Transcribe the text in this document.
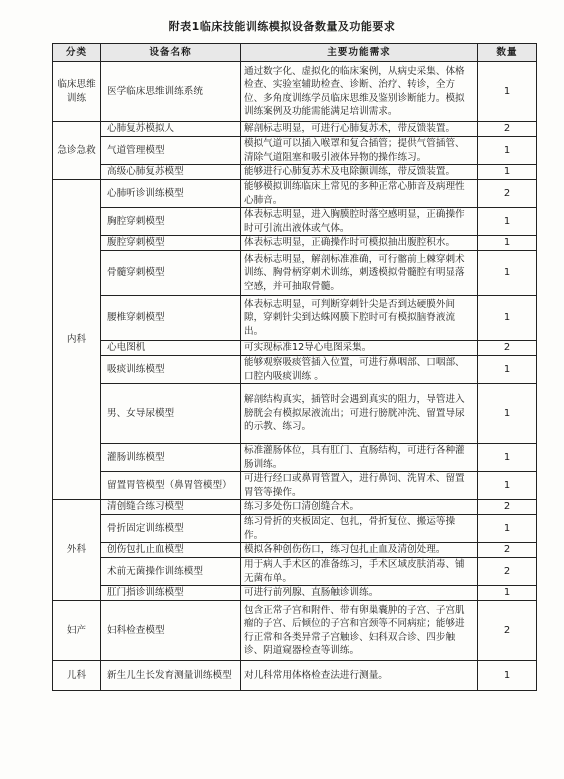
附表1临床技能训练模拟设备数量及功能要求
分类	设备名称	主要功能需求	数量
临床思维训练	医学临床思维训练系统	通过数字化、虚拟化的临床案例，从病史采集、体格检查、实验室辅助检查、诊断、治疗、转诊，全方位、多角度训练学员临床思维及鉴别诊断能力。模拟训练案例及功能需能满足培训需求。	1
急诊急救	心肺复苏模拟人	解剖标志明显，可进行心肺复苏术，带反馈装置。	2
	气道管理模型	模拟气道可以插入喉罩和复合插管；提供气管插管、清除气道阻塞和吸引液体异物的操作练习。	1
	高级心肺复苏模型	能够进行心肺复苏术及电除颤训练，带反馈装置。	1
内科	心肺听诊训练模型	能够模拟训练临床上常见的多种正常心肺音及病理性心肺音。	2
	胸腔穿刺模型	体表标志明显，进入胸膜腔时落空感明显，正确操作时可引流出液体或气体。	1
	腹腔穿刺模型	体表标志明显，正确操作时可模拟抽出腹腔积水。	1
	骨髓穿刺模型	体表标志明显，解剖标准准确，可行髂前上棘穿刺术训练、胸骨柄穿刺术训练，刺透模拟骨髓腔有明显落空感，并可抽取骨髓。	1
	腰椎穿刺模型	体表标志明显，可判断穿刺针尖是否到达硬膜外间隙，穿刺针尖到达蛛网膜下腔时可有模拟脑脊液流出。	1
	心电图机	可实现标准12导心电图采集。	2
	吸痰训练模型	能够观察吸痰管插入位置，可进行鼻咽部、口咽部、口腔内吸痰训练 。	1
	男、女导尿模型	解剖结构真实，插管时会遇到真实的阻力，导管进入膀胱会有模拟尿液流出；可进行膀胱冲洗、留置导尿的示教、练习。	1
	灌肠训练模型	标准灌肠体位，具有肛门、直肠结构，可进行各种灌肠训练。	1
	留置胃管模型（鼻胃管模型）	可进行经口或鼻胃管置入，进行鼻饲、洗胃术、留置胃管等操作。	1
外科	清创缝合练习模型	练习多处伤口清创缝合术。	2
	骨折固定训练模型	练习骨折的夹板固定、包扎，骨折复位、搬运等操作。	1
	创伤包扎止血模型	模拟各种创伤伤口，练习包扎止血及清创处理。	2
	术前无菌操作训练模型	用于病人手术区的准备练习，手术区域皮肤消毒、铺无菌布单。	2
	肛门指诊训练模型	可进行前列腺、直肠触诊训练。	1
妇产	妇科检查模型	包含正常子宫和附件、带有卵巢囊肿的子宫、子宫肌瘤的子宫、后倾位的子宫和宫颈等不同病症；能够进行正常和各类异常子宫触诊、妇科双合诊、四步触诊、阴道窥器检查等训练。	2
儿科	新生儿生长发育测量训练模型	对儿科常用体格检查法进行测量。	1
